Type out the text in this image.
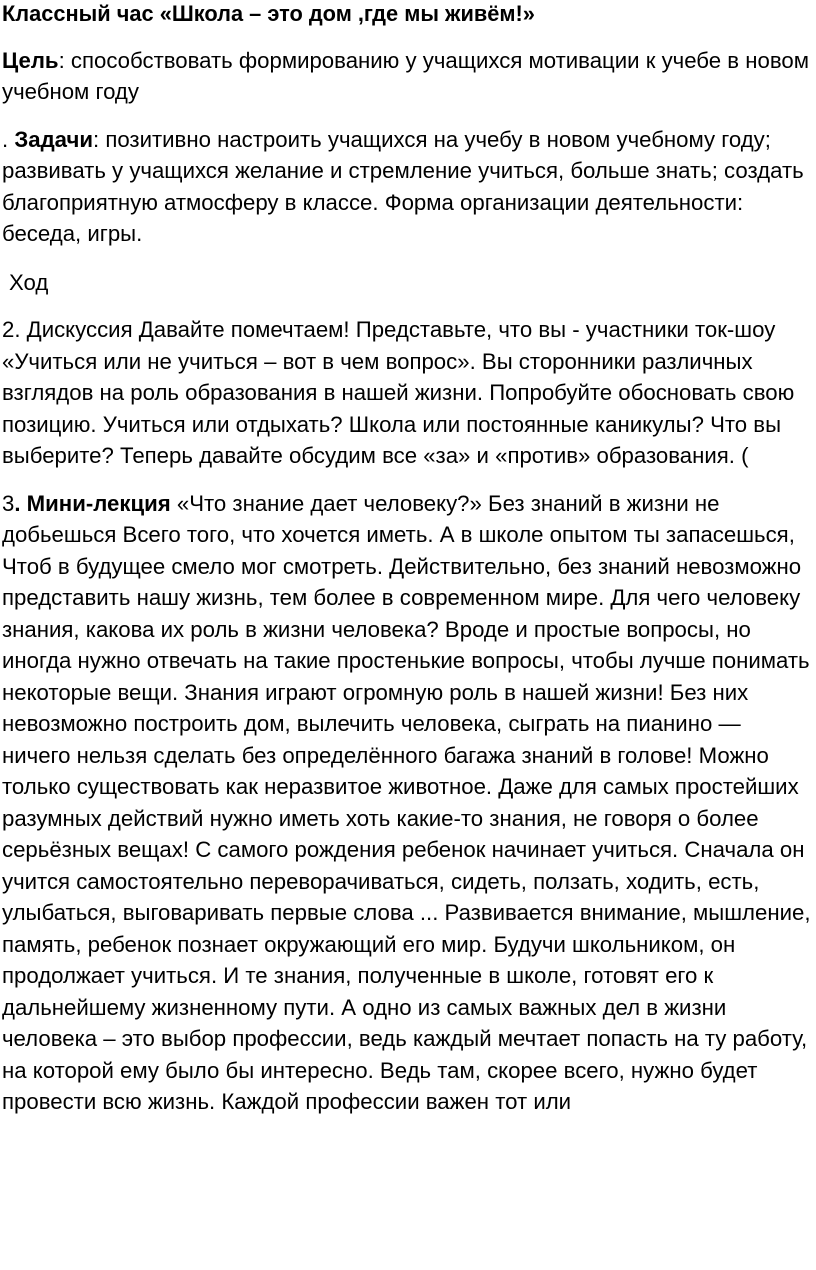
Классный час «Школа – это дом ,где мы живём!»

Цель: способствовать формированию у учащихся мотивации к учебе в новом учебном году

. Задачи: позитивно настроить учащихся на учебу в новом учебному году; развивать у учащихся желание и стремление учиться, больше знать; создать благоприятную атмосферу в классе. Форма организации деятельности: беседа, игры.

Ход

2. Дискуссия Давайте помечтаем! Представьте, что вы - участники ток-шоу «Учиться или не учиться – вот в чем вопрос». Вы сторонники различных взглядов на роль образования в нашей жизни. Попробуйте обосновать свою позицию. Учиться или отдыхать? Школа или постоянные каникулы? Что вы выберите? Теперь давайте обсудим все «за» и «против» образования. (

3. Мини-лекция «Что знание дает человеку?» Без знаний в жизни не добьешься Всего того, что хочется иметь. А в школе опытом ты запасешься, Чтоб в будущее смело мог смотреть. Действительно, без знаний невозможно представить нашу жизнь, тем более в современном мире. Для чего человеку знания, какова их роль в жизни человека? Вроде и простые вопросы, но иногда нужно отвечать на такие простенькие вопросы, чтобы лучше понимать некоторые вещи. Знания играют огромную роль в нашей жизни! Без них невозможно построить дом, вылечить человека, сыграть на пианино — ничего нельзя сделать без определённого багажа знаний в голове! Можно только существовать как неразвитое животное. Даже для самых простейших разумных действий нужно иметь хоть какие-то знания, не говоря о более серьёзных вещах! С самого рождения ребенок начинает учиться. Сначала он учится самостоятельно переворачиваться, сидеть, ползать, ходить, есть, улыбаться, выговаривать первые слова ... Развивается внимание, мышление, память, ребенок познает окружающий его мир. Будучи школьником, он продолжает учиться. И те знания, полученные в школе, готовят его к дальнейшему жизненному пути. А одно из самых важных дел в жизни человека – это выбор профессии, ведь каждый мечтает попасть на ту работу, на которой ему было бы интересно. Ведь там, скорее всего, нужно будет провести всю жизнь. Каждой профессии важен тот или
